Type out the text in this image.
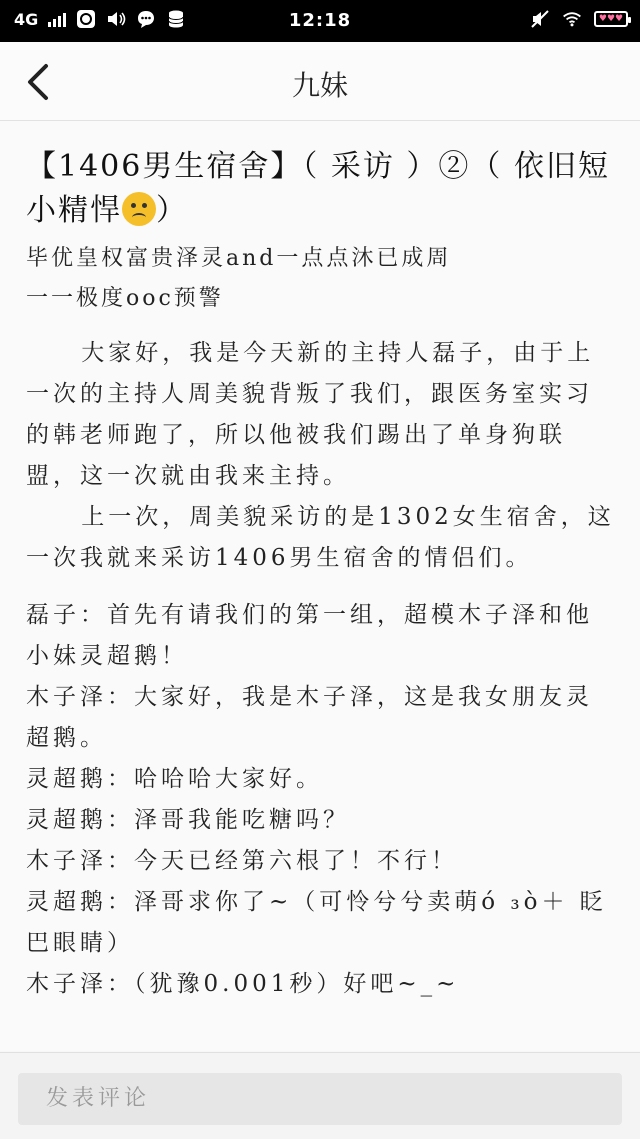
4G	12:18	♥♥♥
九妹
【1406男生宿舍】（ 采访 ）②（ 依旧短小精悍 ）
毕优皇权富贵泽灵and一点点沐已成周
一一极度ooc预警

大家好，我是今天新的主持人磊子，由于上一次的主持人周美貌背叛了我们，跟医务室实习的韩老师跑了，所以他被我们踢出了单身狗联盟，这一次就由我来主持。

上一次，周美貌采访的是1302女生宿舍，这一次我就来采访1406男生宿舍的情侣们。

磊子：首先有请我们的第一组，超模木子泽和他小妹灵超鹅！

木子泽：大家好，我是木子泽，这是我女朋友灵超鹅。

灵超鹅：哈哈哈大家好。

灵超鹅：泽哥我能吃糖吗？

木子泽：今天已经第六根了！不行！

灵超鹅：泽哥求你了~（可怜兮兮卖萌ό ₃ὸ＋ 眨巴眼睛）

木子泽：（犹豫0.001秒）好吧~_~

发表评论
